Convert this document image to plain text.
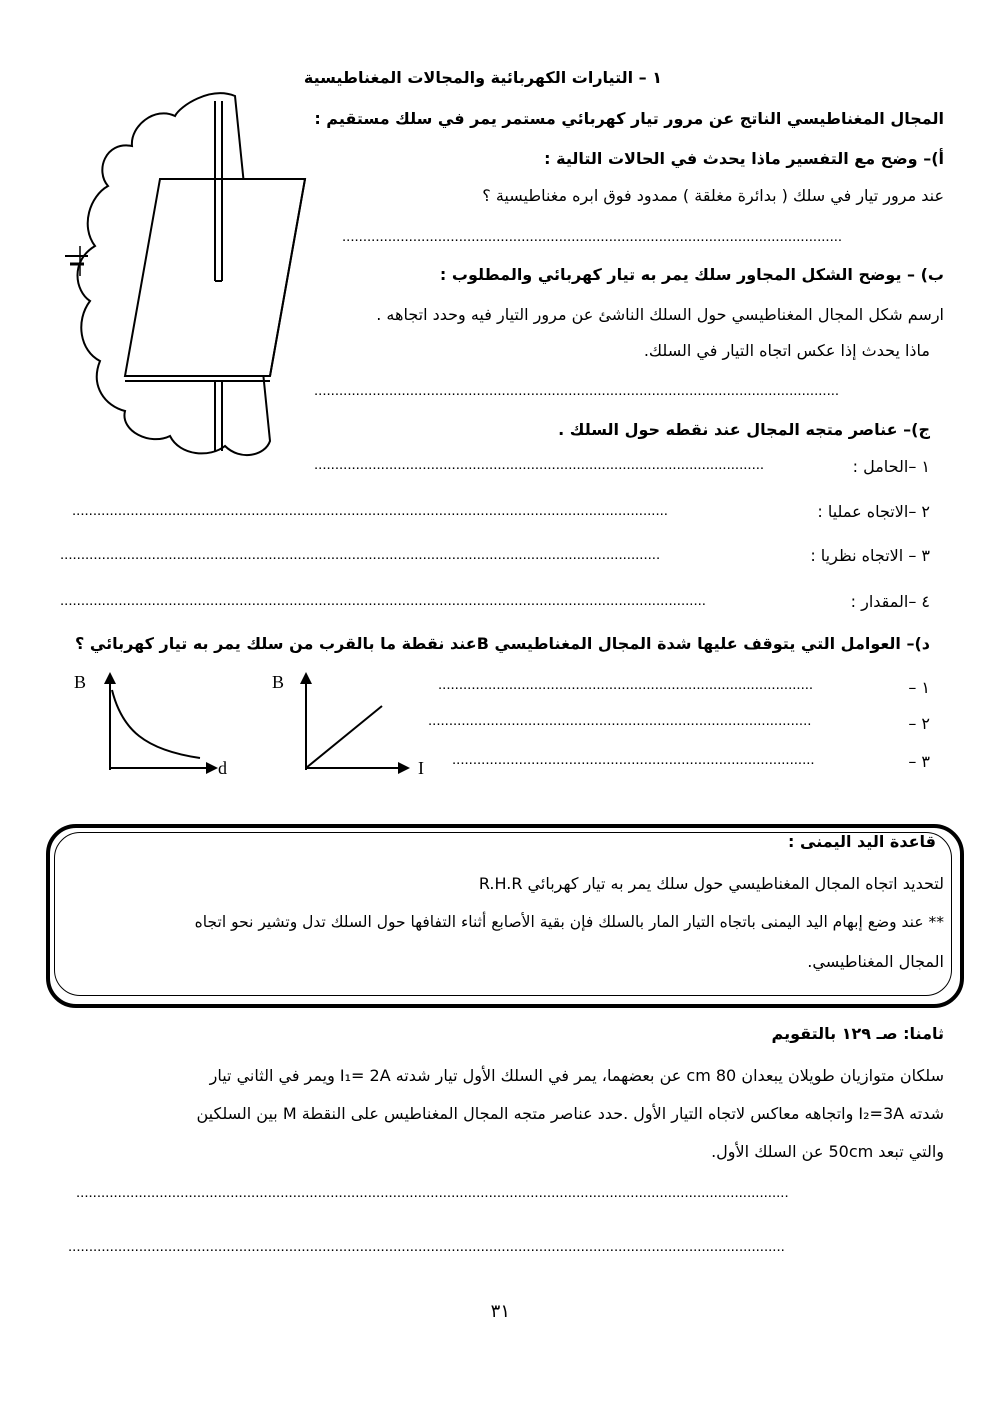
١ – التيارات الكهربائية والمجالات المغناطيسية
المجال المغناطيسي الناتج عن مرور تيار كهربائي مستمر يمر في سلك مستقيم :
أ)– وضح مع التفسير ماذا يحدث في الحالات التالية :
عند مرور تيار في سلك ( بدائرة مغلقة ) ممدود فوق ابره مغناطيسية ؟
........................................................................................................................
ب) – يوضح الشكل المجاور سلك يمر به تيار كهربائي والمطلوب :
ارسم شكل المجال المغناطيسي حول السلك الناشئ عن مرور التيار فيه وحدد اتجاهه .
ماذا يحدث إذا عكس اتجاه التيار في السلك.
..............................................................................................................................
ج)– عناصر متجه المجال عند نقطه حول السلك .
١ –الحامل :
............................................................................................................
٢ –الاتجاه عمليا :
...............................................................................................................................................
٣ – الاتجاه نظريا :
................................................................................................................................................
٤ –المقدار :
...........................................................................................................................................................
د)– العوامل التي يتوقف عليها شدة المجال المغناطيسي Bعند نقطة ما بالقرب من سلك يمر به تيار كهربائي ؟
١ –
..........................................................................................
٢ –
............................................................................................
٣ –
.......................................................................................
B
d
B
I
قاعدة اليد اليمنى :
لتحديد اتجاه المجال المغناطيسي حول سلك يمر به تيار كهربائي R.H.R
** عند وضع إبهام اليد اليمنى باتجاه التيار المار بالسلك فإن بقية الأصابع أثناء التفافها حول السلك تدل وتشير نحو اتجاه
المجال المغناطيسي.
ثامنا: صـ ١٢٩ بالتقويم
سلكان متوازيان طويلان يبعدان 80 cm عن بعضهما، يمر في السلك الأول تيار شدته I₁= 2A ويمر في الثاني تيار
شدته I₂=3A واتجاهه معاكس لاتجاه التيار الأول .حدد عناصر متجه المجال المغناطيس على النقطة M بين السلكين
والتي تبعد 50cm عن السلك الأول.
...........................................................................................................................................................................
............................................................................................................................................................................
٣١
